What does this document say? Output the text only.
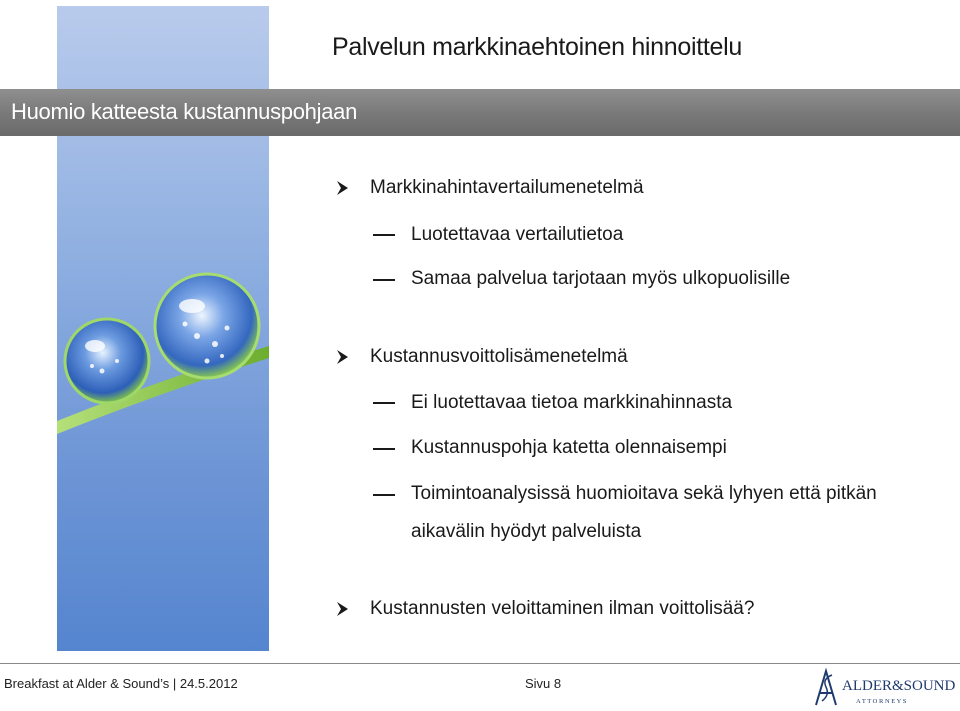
Palvelun markkinaehtoinen hinnoittelu
Huomio katteesta kustannuspohjaan
Markkinahintavertailumenetelmä
Luotettavaa vertailutietoa
Samaa palvelua tarjotaan myös ulkopuolisille
Kustannusvoittolisämenetelmä
Ei luotettavaa tietoa markkinahinnasta
Kustannuspohja katetta olennaisempi
Toimintoanalysissä huomioitava sekä lyhyen että pitkän
aikavälin hyödyt palveluista
Kustannusten veloittaminen ilman voittolisää?
Breakfast at Alder & Sound’s | 24.5.2012	Sivu 8	ALDER&SOUND
A T T O R N E Y S
